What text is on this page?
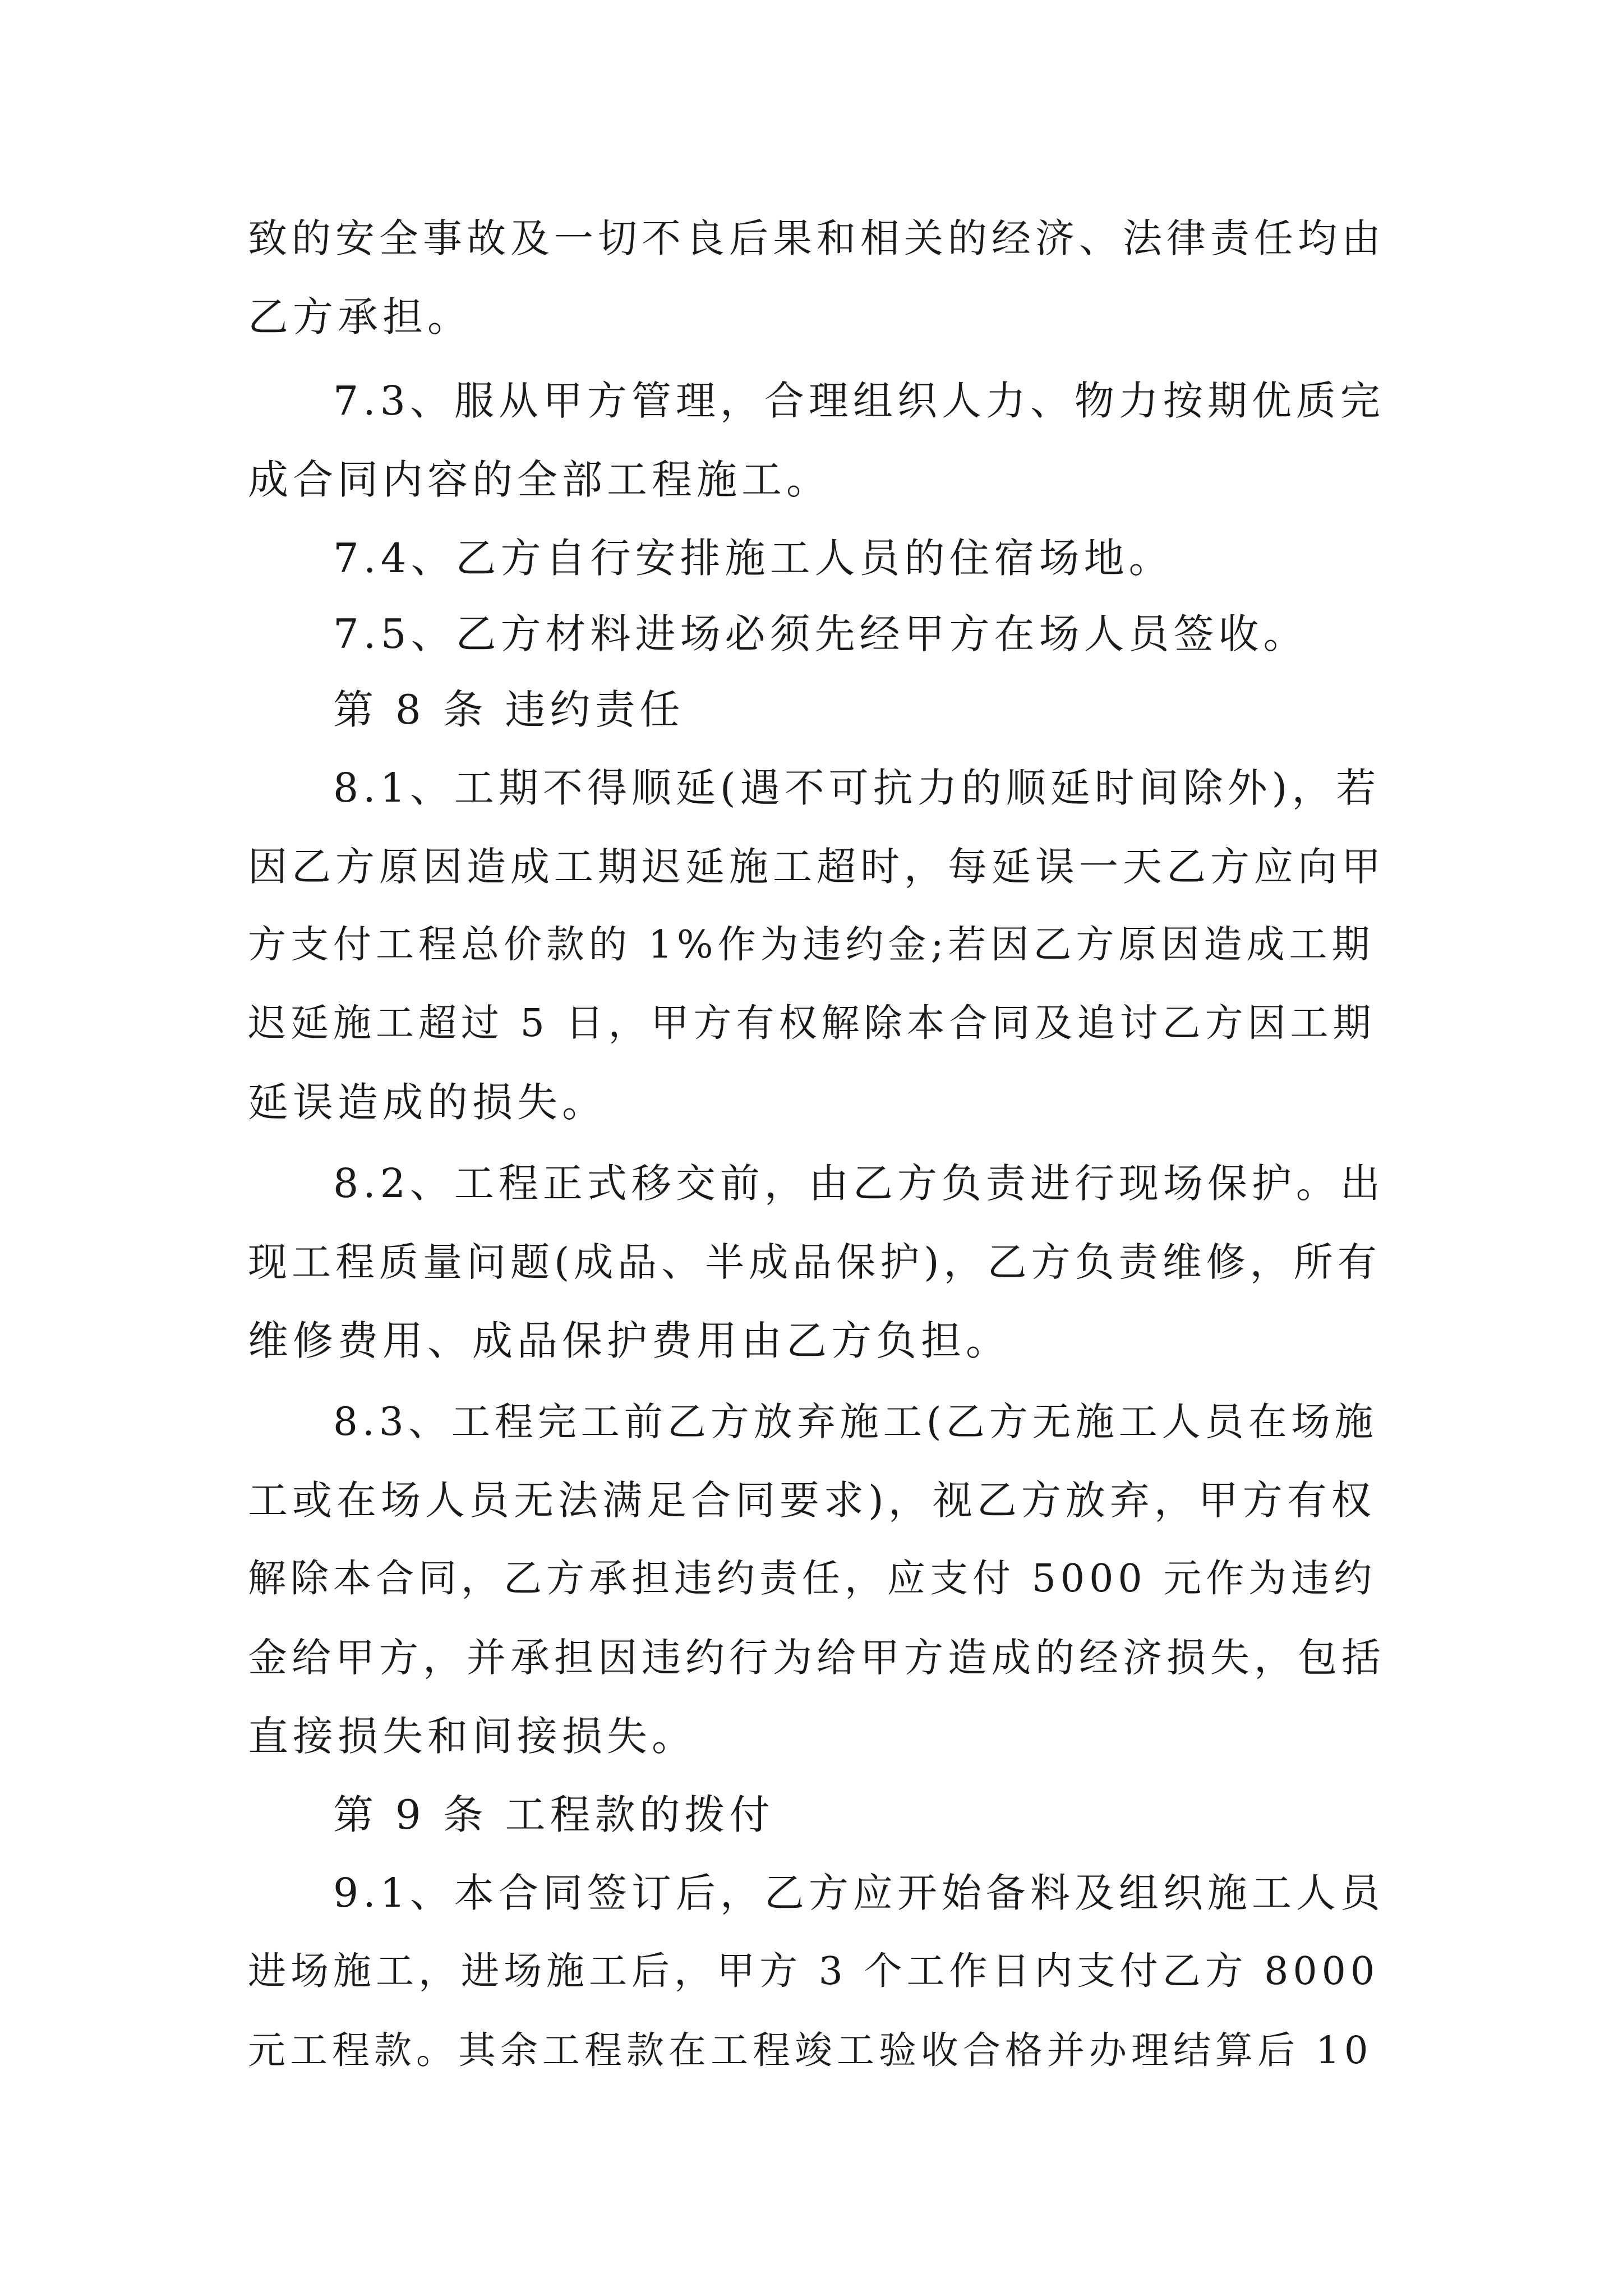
致的安全事故及一切不良后果和相关的经济、法律责任均由
乙方承担。
7.3、服从甲方管理，合理组织人力、物力按期优质完
成合同内容的全部工程施工。
7.4、乙方自行安排施工人员的住宿场地。
7.5、乙方材料进场必须先经甲方在场人员签收。
第 8 条 违约责任
8.1、工期不得顺延(遇不可抗力的顺延时间除外)，若
因乙方原因造成工期迟延施工超时，每延误一天乙方应向甲
方支付工程总价款的 1%作为违约金;若因乙方原因造成工期
迟延施工超过 5 日，甲方有权解除本合同及追讨乙方因工期
延误造成的损失。
8.2、工程正式移交前，由乙方负责进行现场保护。出
现工程质量问题(成品、半成品保护)，乙方负责维修，所有
维修费用、成品保护费用由乙方负担。
8.3、工程完工前乙方放弃施工(乙方无施工人员在场施
工或在场人员无法满足合同要求)，视乙方放弃，甲方有权
解除本合同，乙方承担违约责任，应支付 5000 元作为违约
金给甲方，并承担因违约行为给甲方造成的经济损失，包括
直接损失和间接损失。
第 9 条 工程款的拨付
9.1、本合同签订后，乙方应开始备料及组织施工人员
进场施工，进场施工后，甲方 3 个工作日内支付乙方 8000
元工程款。其余工程款在工程竣工验收合格并办理结算后 10
